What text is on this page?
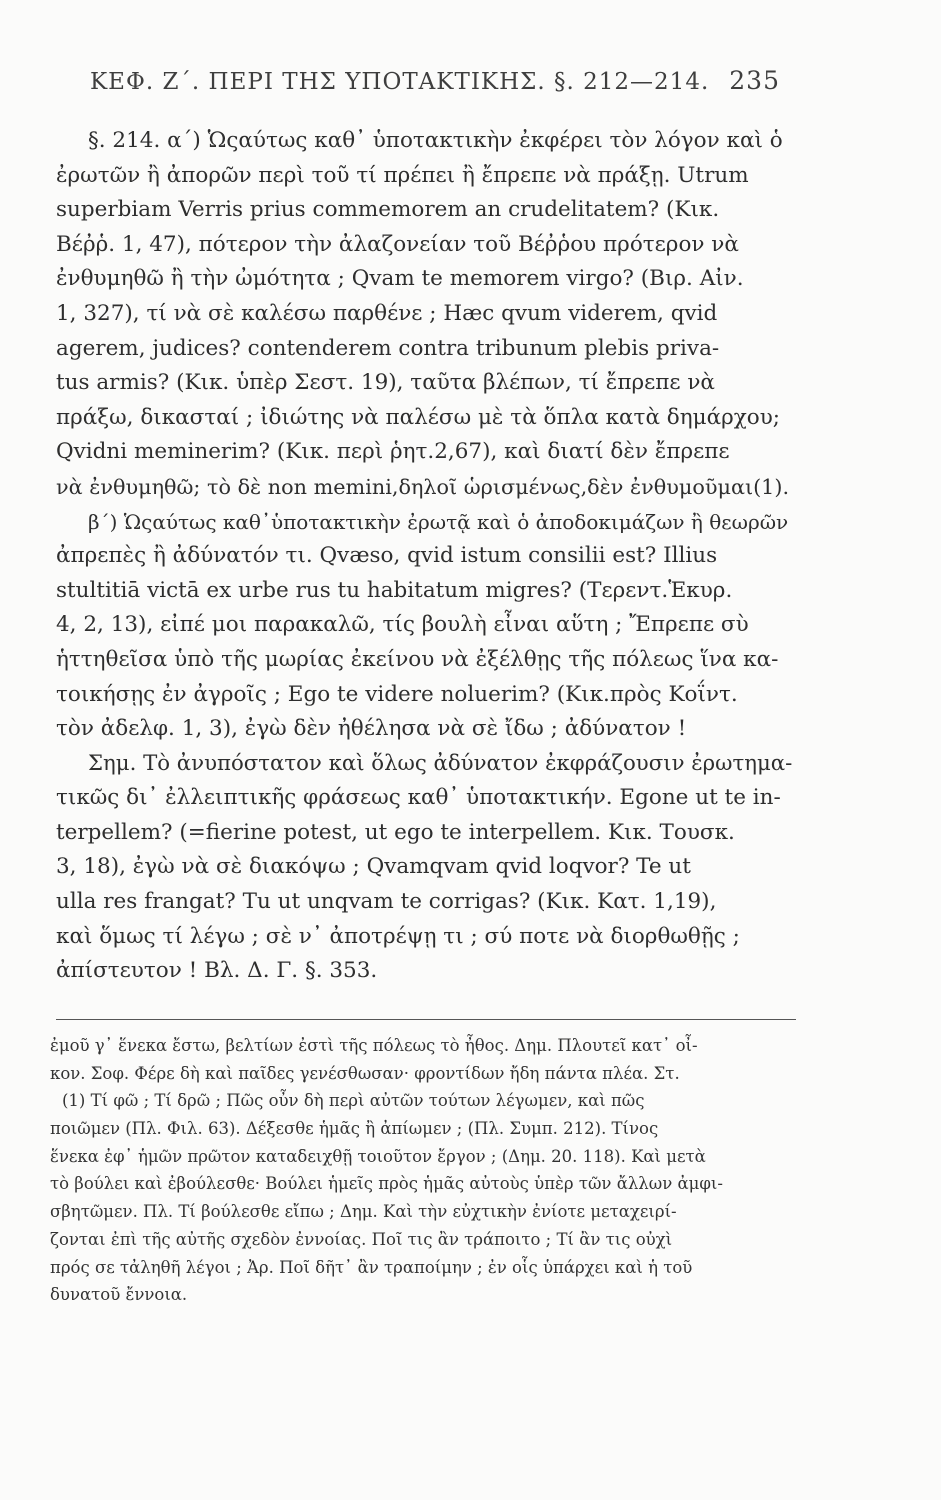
ΚΕΦ. Ζ΄. ΠΕΡΙ ΤΗΣ ΥΠΟΤΑΚΤΙΚΗΣ. §. 212—214. 235
§. 214. α΄) Ὡςαύτως καθ᾽ ὑποτακτικὴν ἐκφέρει τὸν λόγον καὶ ὁ
ἐρωτῶν ἢ ἀπορῶν περὶ τοῦ τί πρέπει ἢ ἔπρεπε νὰ πράξῃ. Utrum
superbiam Verris prius commemorem an crudelitatem? (Κικ.
Βέῤῥ. 1, 47), πότερον τὴν ἀλαζονείαν τοῦ Βέῤῥου πρότερον νὰ
ἐνθυμηθῶ ἢ τὴν ὠμότητα ; Qvam te memorem virgo? (Βιρ. Αἰν.
1, 327), τί νὰ σὲ καλέσω παρθένε ; Hæc qvum viderem, qvid
agerem, judices? contenderem contra tribunum plebis priva-
tus armis? (Κικ. ὑπὲρ Σεστ. 19), ταῦτα βλέπων, τί ἔπρεπε νὰ
πράξω, δικασταί ; ἰδιώτης νὰ παλέσω μὲ τὰ ὅπλα κατὰ δημάρχου;
Qvidni meminerim? (Κικ. περὶ ῥητ.2,67), καὶ διατί δὲν ἔπρεπε
νὰ ἐνθυμηθῶ; τὸ δὲ non memini,δηλοῖ ὡρισμένως,δὲν ἐνθυμοῦμαι(1).
β΄) Ὡςαύτως καθ᾽ὑποτακτικὴν ἐρωτᾷ καὶ ὁ ἀποδοκιμάζων ἢ θεωρῶν
ἀπρεπὲς ἢ ἀδύνατόν τι. Qvæso, qvid istum consilii est? Illius
stultitiā victā ex urbe rus tu habitatum migres? (Τερεντ.Ἑκυρ.
4, 2, 13), εἰπέ μοι παρακαλῶ, τίς βουλὴ εἶναι αὕτη ; Ἔπρεπε σὺ
ἡττηθεῖσα ὑπὸ τῆς μωρίας ἐκείνου νὰ ἐξέλθῃς τῆς πόλεως ἵνα κα-
τοικήσῃς ἐν ἀγροῖς ; Ego te videre noluerim? (Κικ.πρὸς Κοΐντ.
τὸν ἀδελφ. 1, 3), ἐγὼ δὲν ἠθέλησα νὰ σὲ ἴδω ; ἀδύνατον !
Σημ. Τὸ ἀνυπόστατον καὶ ὅλως ἀδύνατον ἐκφράζουσιν ἐρωτημα-
τικῶς δι᾽ ἐλλειπτικῆς φράσεως καθ᾽ ὑποτακτικήν. Egone ut te in-
terpellem? (=fierine potest, ut ego te interpellem. Κικ. Τουσκ.
3, 18), ἐγὼ νὰ σὲ διακόψω ; Qvamqvam qvid loqvor? Te ut
ulla res frangat? Tu ut unqvam te corrigas? (Κικ. Κατ. 1,19),
καὶ ὅμως τί λέγω ; σὲ ν᾽ ἀποτρέψῃ τι ; σύ ποτε νὰ διορθωθῇς ;
ἀπίστευτον ! Βλ. Δ. Γ. §. 353.
ἐμοῦ γ᾽ ἕνεκα ἔστω, βελτίων ἐστὶ τῆς πόλεως τὸ ἦθος. Δημ. Πλουτεῖ κατ᾽ οἶ-
κον. Σοφ. Φέρε δὴ καὶ παῖδες γενέσθωσαν· φροντίδων ἤδη πάντα πλέα. Στ.
(1) Τί φῶ ; Τί δρῶ ; Πῶς οὖν δὴ περὶ αὐτῶν τούτων λέγωμεν, καὶ πῶς
ποιῶμεν (Πλ. Φιλ. 63). Δέξεσθε ἡμᾶς ἢ ἀπίωμεν ; (Πλ. Συμπ. 212). Τίνος
ἕνεκα ἐφ᾽ ἡμῶν πρῶτον καταδειχθῇ τοιοῦτον ἔργον ; (Δημ. 20. 118). Καὶ μετὰ
τὸ βούλει καὶ ἐβούλεσθε· Βούλει ἡμεῖς πρὸς ἡμᾶς αὐτοὺς ὑπὲρ τῶν ἄλλων ἀμφι-
σβητῶμεν. Πλ. Τί βούλεσθε εἴπω ; Δημ. Καὶ τὴν εὐχτικὴν ἐνίοτε μεταχειρί-
ζονται ἐπὶ τῆς αὐτῆς σχεδὸν ἐννοίας. Ποῖ τις ἂν τράποιτο ; Τί ἂν τις οὐχὶ
πρός σε τἀληθῆ λέγοι ; Ἀρ. Ποῖ δῆτ᾽ ἂν τραποίμην ; ἐν οἷς ὑπάρχει καὶ ἡ τοῦ
δυνατοῦ ἔννοια.
